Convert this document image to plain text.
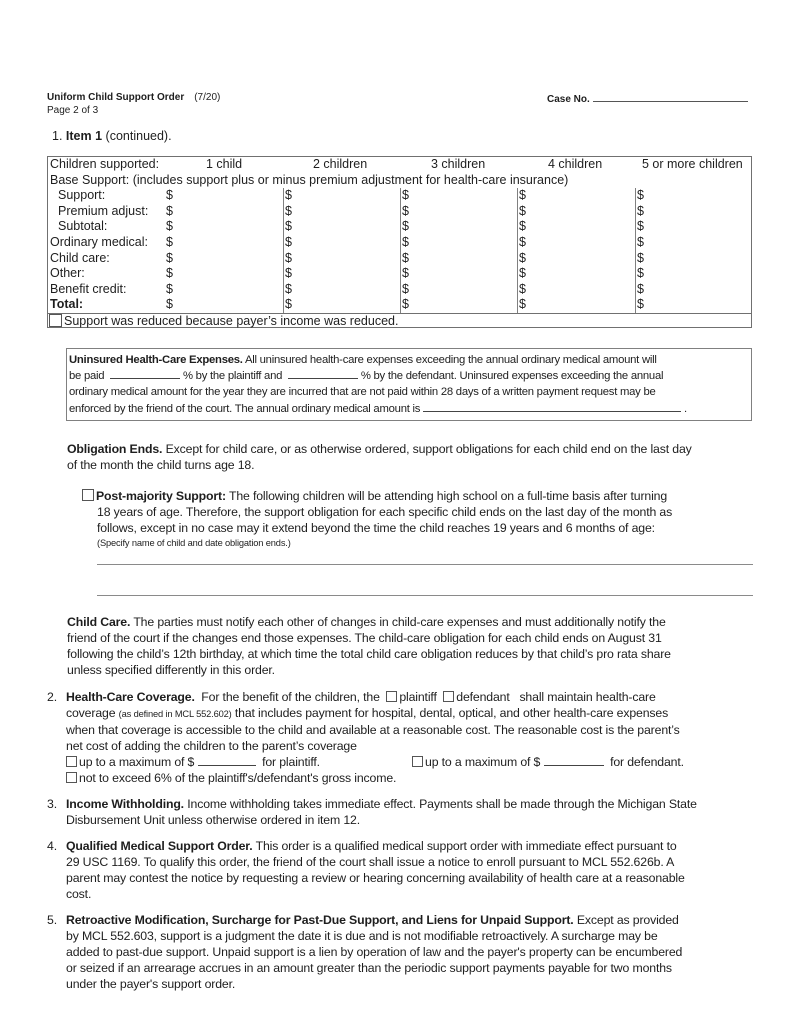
Uniform Child Support Order (7/20)
Page 2 of 3
Case No.
1. Item 1 (continued).
Children supported:	1 child	2 children	3 children	4 children	5 or more children
Base Support: (includes support plus or minus premium adjustment for health-care insurance)
Support:	$	$	$	$	$
Premium adjust: $	$	$	$	$
Subtotal:	$	$	$	$	$
Ordinary medical: $	$	$	$	$
Child care:	$	$	$	$	$
Other:	$	$	$	$	$
Benefit credit:	$	$	$	$	$
Total:	$	$	$	$	$
Support was reduced because payer’s income was reduced.
Uninsured Health-Care Expenses. All uninsured health-care expenses exceeding the annual ordinary medical amount will
be paid	% by the plaintiff and	% by the defendant. Uninsured expenses exceeding the annual
ordinary medical amount for the year they are incurred that are not paid within 28 days of a written payment request may be
enforced by the friend of the court. The annual ordinary medical amount is	.
Obligation Ends. Except for child care, or as otherwise ordered, support obligations for each child end on the last day
of the month the child turns age 18.
Post-majority Support: The following children will be attending high school on a full-time basis after turning
18 years of age. Therefore, the support obligation for each specific child ends on the last day of the month as
follows, except in no case may it extend beyond the time the child reaches 19 years and 6 months of age:
(Specify name of child and date obligation ends.)
Child Care. The parties must notify each other of changes in child-care expenses and must additionally notify the
friend of the court if the changes end those expenses. The child-care obligation for each child ends on August 31
following the child’s 12th birthday, at which time the total child care obligation reduces by that child’s pro rata share
unless specified differently in this order.
2. Health-Care Coverage. For the benefit of the children, the plaintiff defendant shall maintain health-care
coverage (as defined in MCL 552.602) that includes payment for hospital, dental, optical, and other health-care expenses
when that coverage is accessible to the child and available at a reasonable cost. The reasonable cost is the parent’s
net cost of adding the children to the parent’s coverage
up to a maximum of $	for plaintiff.	up to a maximum of $	for defendant.
not to exceed 6% of the plaintiff's/defendant's gross income.
3. Income Withholding. Income withholding takes immediate effect. Payments shall be made through the Michigan State
Disbursement Unit unless otherwise ordered in item 12.
4. Qualified Medical Support Order. This order is a qualified medical support order with immediate effect pursuant to
29 USC 1169. To qualify this order, the friend of the court shall issue a notice to enroll pursuant to MCL 552.626b. A
parent may contest the notice by requesting a review or hearing concerning availability of health care at a reasonable
cost.
5. Retroactive Modification, Surcharge for Past-Due Support, and Liens for Unpaid Support. Except as provided
by MCL 552.603, support is a judgment the date it is due and is not modifiable retroactively. A surcharge may be
added to past-due support. Unpaid support is a lien by operation of law and the payer's property can be encumbered
or seized if an arrearage accrues in an amount greater than the periodic support payments payable for two months
under the payer's support order.
